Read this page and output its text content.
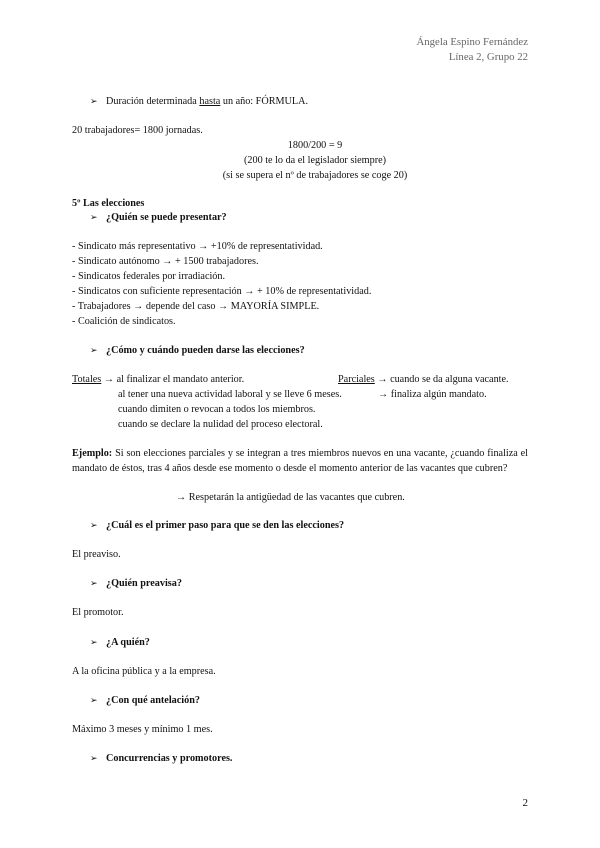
Ángela Espino Fernández
Línea 2, Grupo 22
➢ Duración determinada hasta un año: FÓRMULA.
20 trabajadores= 1800 jornadas.
1800/200 = 9
(200 te lo da el legislador siempre)
(si se supera el nº de trabajadores se coge 20)
5º Las elecciones
➢ ¿Quién se puede presentar?
- Sindicato más representativo → +10% de representatividad.
- Sindicato autónomo → + 1500 trabajadores.
- Sindicatos federales por irradiación.
- Sindicatos con suficiente representación → + 10% de representatividad.
- Trabajadores → depende del caso → MAYORÍA SIMPLE.
- Coalición de sindicatos.
➢ ¿Cómo y cuándo pueden darse las elecciones?
Totales → al finalizar el mandato anterior.	Parciales → cuando se da alguna vacante.
al tener una nueva actividad laboral y se lleve 6 meses.	→ finaliza algún mandato.
cuando dimiten o revocan a todos los miembros.
cuando se declare la nulidad del proceso electoral.
Ejemplo: Si son elecciones parciales y se integran a tres miembros nuevos en una vacante, ¿cuando finaliza el mandato de éstos, tras 4 años desde ese momento o desde el momento anterior de las vacantes que cubren?
→ Respetarán la antigüedad de las vacantes que cubren.
➢ ¿Cuál es el primer paso para que se den las elecciones?
El preaviso.
➢ ¿Quién preavisa?
El promotor.
➢ ¿A quién?
A la oficina pública y a la empresa.
➢ ¿Con qué antelación?
Máximo 3 meses y mínimo 1 mes.
➢ Concurrencias y promotores.
2
